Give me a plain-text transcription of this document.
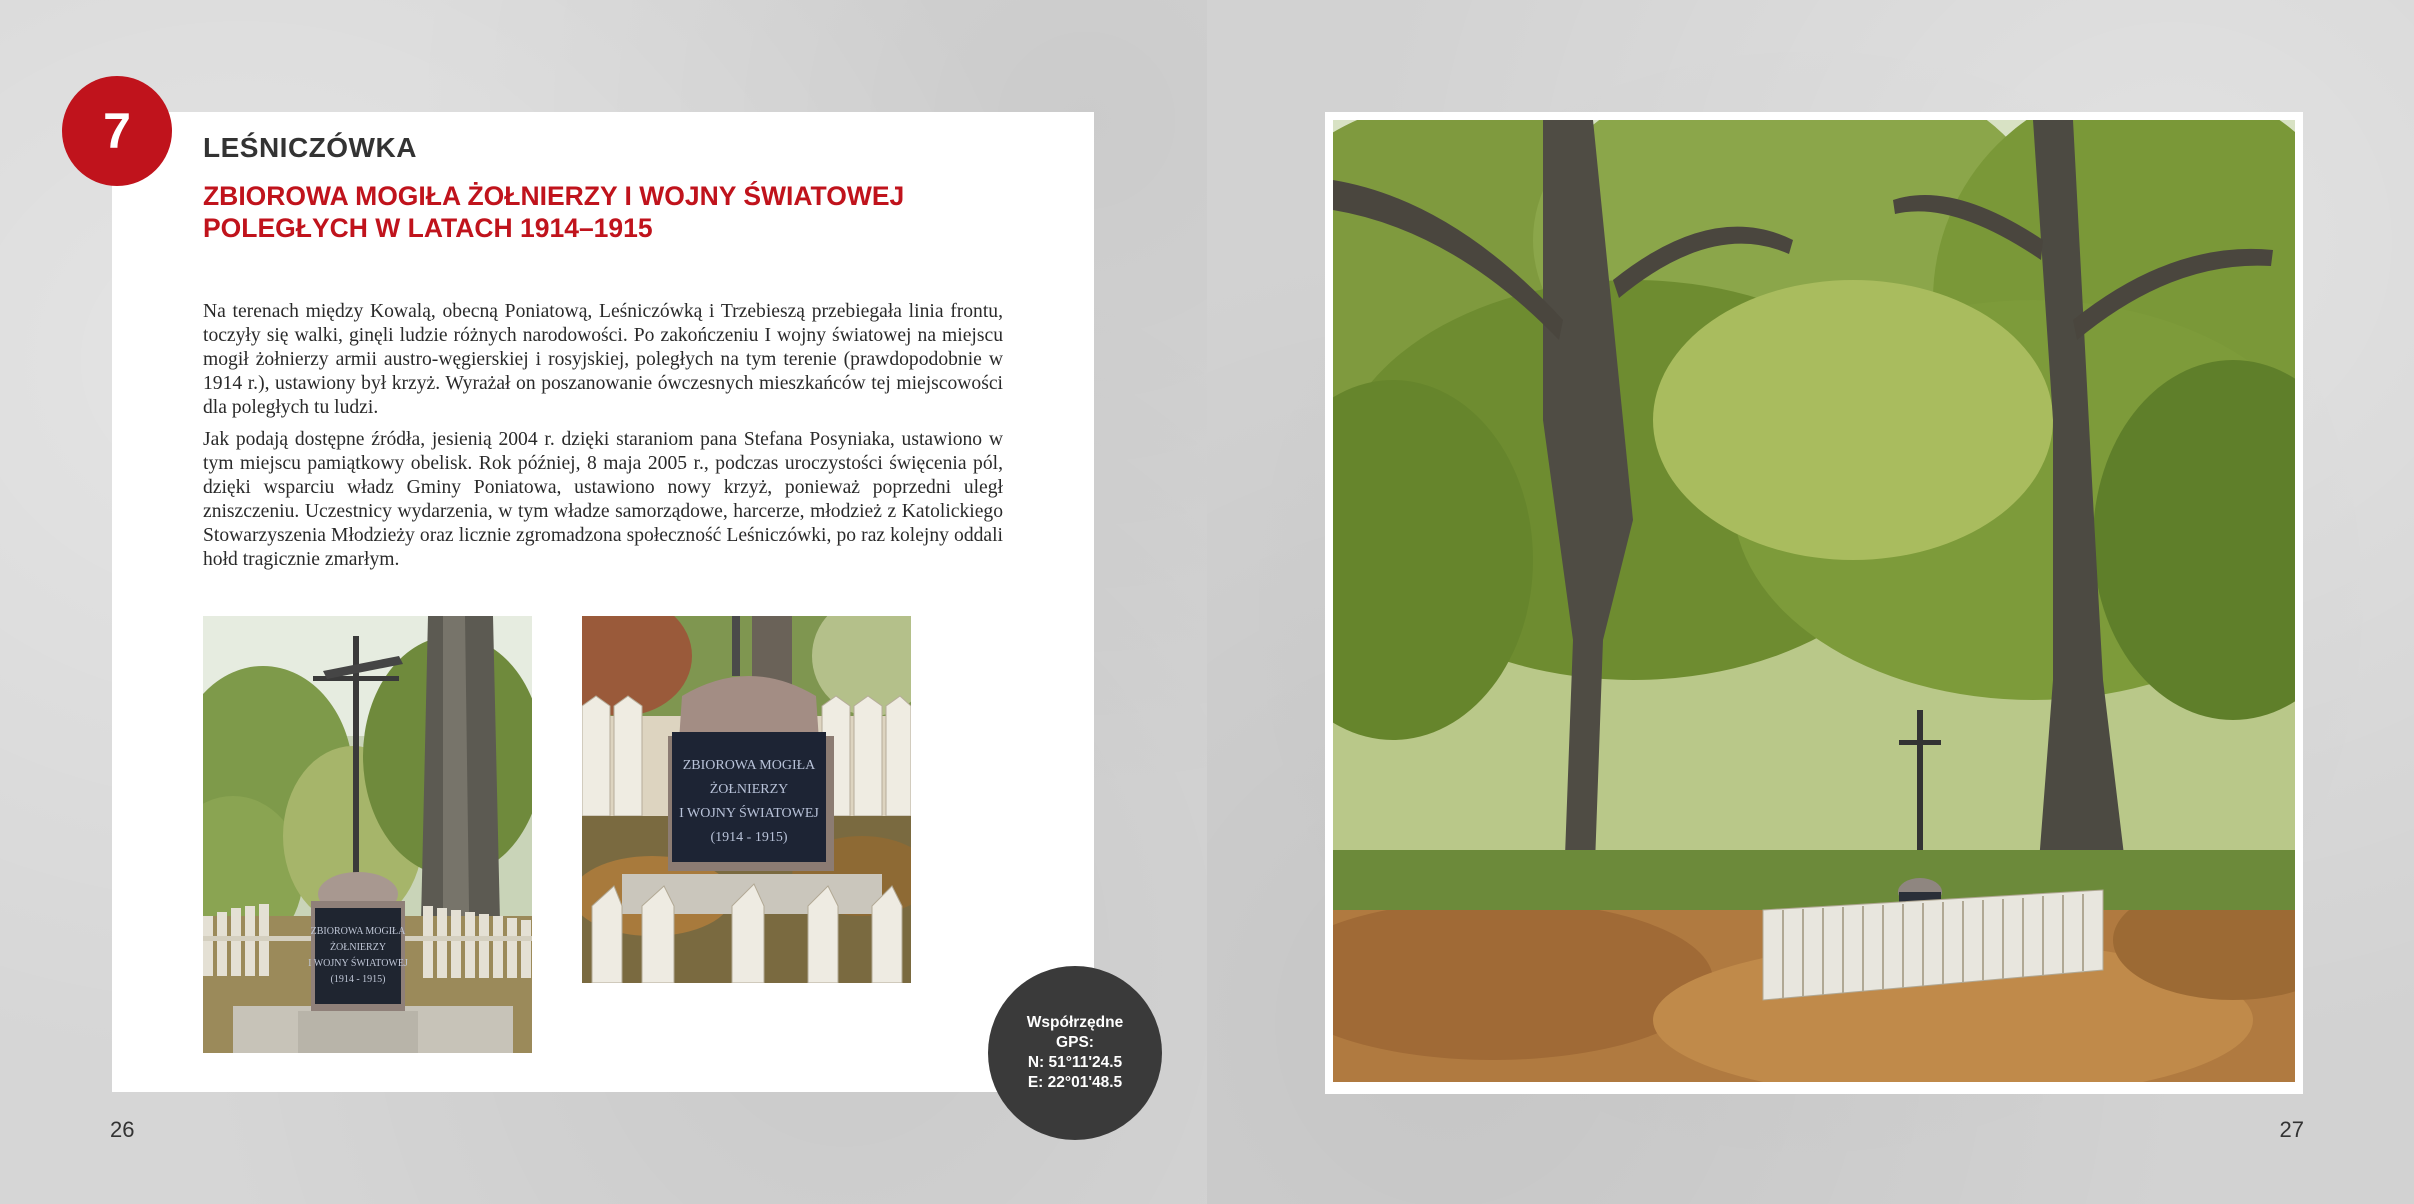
7	LEŚNICZÓWKA
ZBIOROWA MOGIŁA ŻOŁNIERZY I WOJNY ŚWIATOWEJ
POLEGŁYCH W LATACH 1914–1915

Na terenach między Kowalą, obecną Poniatową, Leśniczówką i Trzebieszą przebiegała linia frontu, toczyły się walki, ginęli ludzie różnych narodowości. Po zakończeniu I wojny światowej na miejscu mogił żołnierzy armii austro-węgierskiej i rosyjskiej, poległych na tym terenie (prawdopodobnie w 1914 r.), ustawiony był krzyż. Wyrażał on poszanowanie ówczesnych mieszkańców tej miejscowości dla poległych tu ludzi.

Jak podają dostępne źródła, jesienią 2004 r. dzięki staraniom pana Stefana Posyniaka, ustawiono w tym miejscu pamiątkowy obelisk. Rok później, 8 maja 2005 r., podczas uroczystości święcenia pól, dzięki wsparciu władz Gminy Poniatowa, ustawiono nowy krzyż, ponieważ poprzedni uległ zniszczeniu. Uczestnicy wydarzenia, w tym władze samorządowe, harcerze, młodzież z Katolickiego Stowarzyszenia Młodzieży oraz licznie zgromadzona społeczność Leśniczówki, po raz kolejny oddali hołd tragicznie zmarłym.

ZBIOROWA MOGIŁA
ŻOŁNIERZY
I WOJNY ŚWIATOWEJ
(1914 - 1915)
ZBIOROWA MOGIŁA
ŻOŁNIERZY
I WOJNY ŚWIATOWEJ
(1914 - 1915)
Współrzędne
GPS:
N: 51°11'24.5
E: 22°01'48.5
26	27
